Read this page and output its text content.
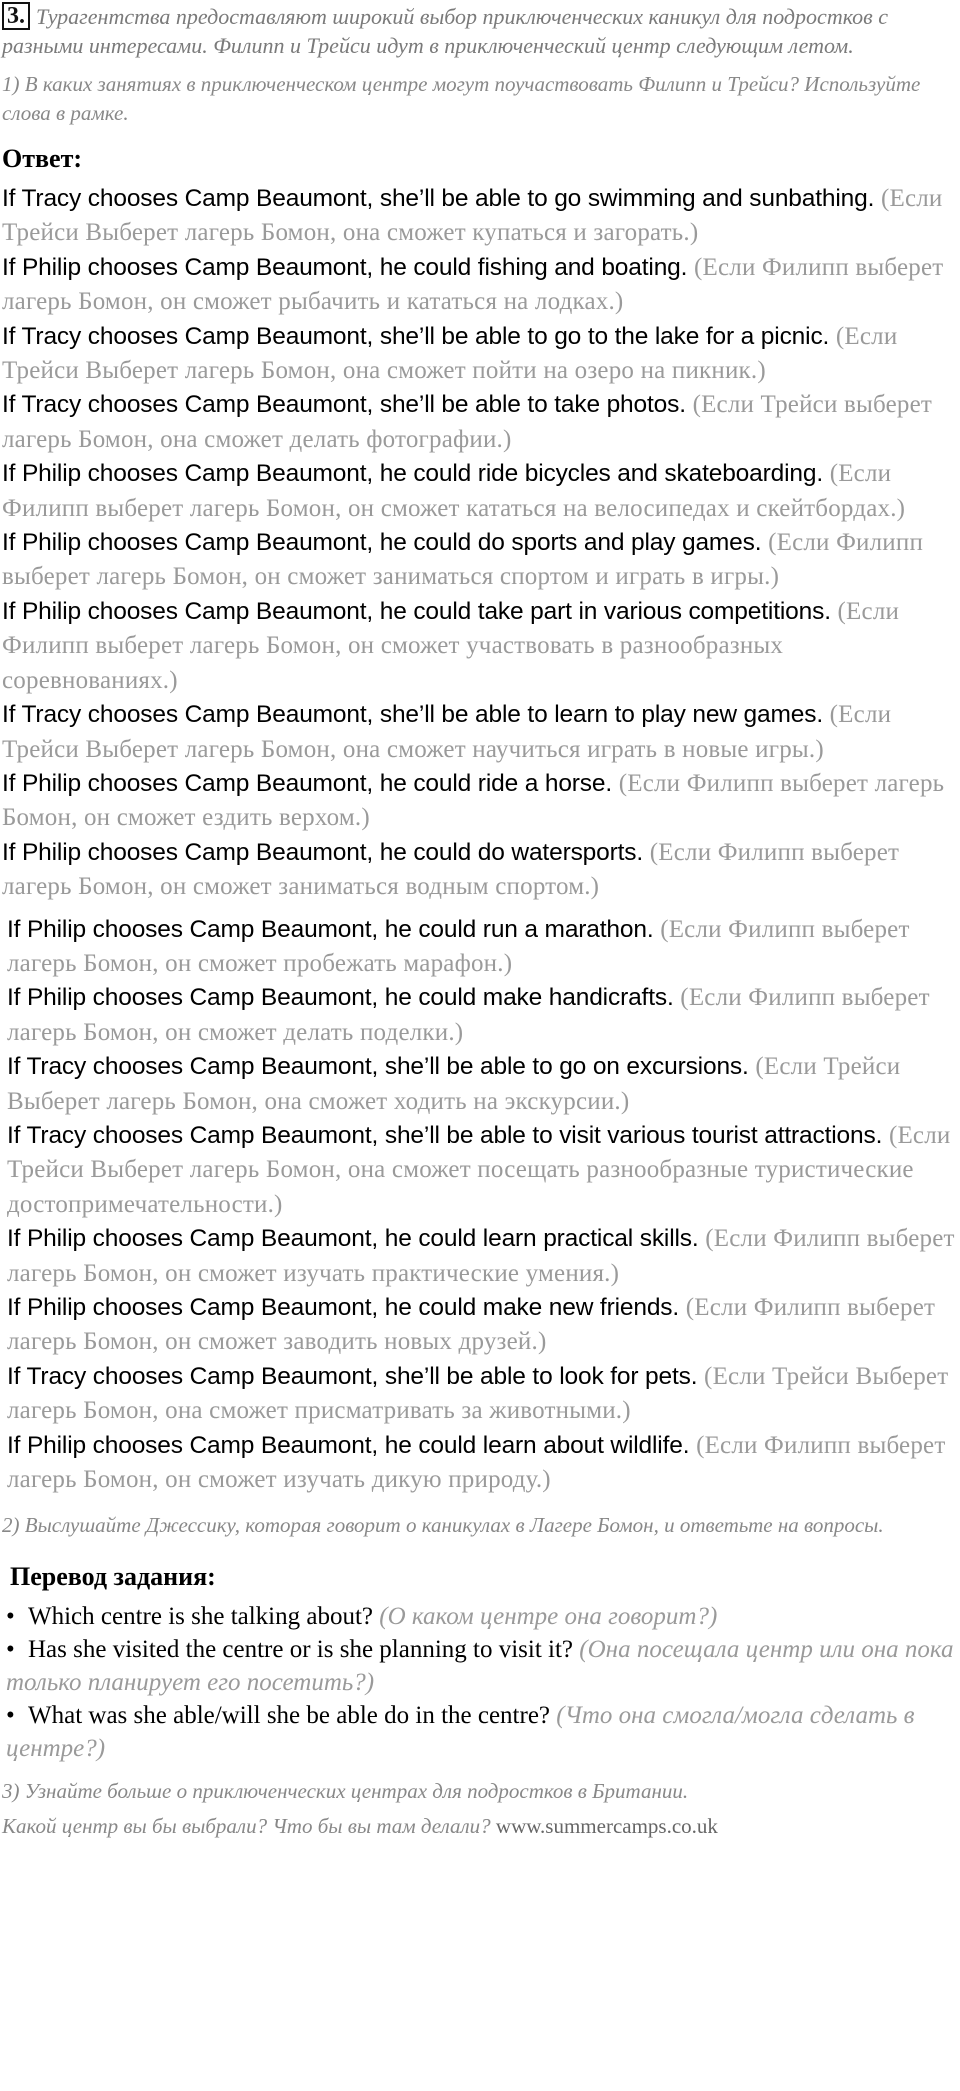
3. Турагентства предоставляют широкий выбор приключенческих каникул для подростков с разными интересами. Филипп и Трейси идут в приключенческий центр следующим летом.

1) В каких занятиях в приключенческом центре могут поучаствовать Филипп и Трейси? Используйте слова в рамке.

Ответ:

If Tracy chooses Camp Beaumont, she’ll be able to go swimming and sunbathing. (Если Трейси Выберет лагерь Бомон, она сможет купаться и загорать.)

If Philip chooses Camp Beaumont, he could fishing and boating. (Если Филипп выберет лагерь Бомон, он сможет рыбачить и кататься на лодках.)

If Tracy chooses Camp Beaumont, she’ll be able to go to the lake for a picnic. (Если Трейси Выберет лагерь Бомон, она сможет пойти на озеро на пикник.)

If Tracy chooses Camp Beaumont, she’ll be able to take photos. (Если Трейси выберет лагерь Бомон, она сможет делать фотографии.)

If Philip chooses Camp Beaumont, he could ride bicycles and skateboarding. (Если Филипп выберет лагерь Бомон, он сможет кататься на велосипедах и скейтбордах.)

If Philip chooses Camp Beaumont, he could do sports and play games. (Если Филипп выберет лагерь Бомон, он сможет заниматься спортом и играть в игры.)

If Philip chooses Camp Beaumont, he could take part in various competitions. (Если Филипп выберет лагерь Бомон, он сможет участвовать в разнообразных соревнованиях.)

If Tracy chooses Camp Beaumont, she’ll be able to learn to play new games. (Если Трейси Выберет лагерь Бомон, она сможет научиться играть в новые игры.)

If Philip chooses Camp Beaumont, he could ride a horse. (Если Филипп выберет лагерь Бомон, он сможет ездить верхом.)

If Philip chooses Camp Beaumont, he could do watersports. (Если Филипп выберет лагерь Бомон, он сможет заниматься водным спортом.)

If Philip chooses Camp Beaumont, he could run a marathon. (Если Филипп выберет лагерь Бомон, он сможет пробежать марафон.)

If Philip chooses Camp Beaumont, he could make handicrafts. (Если Филипп выберет лагерь Бомон, он сможет делать поделки.)

If Tracy chooses Camp Beaumont, she’ll be able to go on excursions. (Если Трейси Выберет лагерь Бомон, она сможет ходить на экскурсии.)

If Tracy chooses Camp Beaumont, she’ll be able to visit various tourist attractions. (Если Трейси Выберет лагерь Бомон, она сможет посещать разнообразные туристические достопримечательности.)

If Philip chooses Camp Beaumont, he could learn practical skills. (Если Филипп выберет лагерь Бомон, он сможет изучать практические умения.)

If Philip chooses Camp Beaumont, he could make new friends. (Если Филипп выберет лагерь Бомон, он сможет заводить новых друзей.)

If Tracy chooses Camp Beaumont, she’ll be able to look for pets. (Если Трейси Выберет лагерь Бомон, она сможет присматривать за животными.)

If Philip chooses Camp Beaumont, he could learn about wildlife. (Если Филипп выберет лагерь Бомон, он сможет изучать дикую природу.)

2) Выслушайте Джессику, которая говорит о каникулах в Лагере Бомон, и ответьте на вопросы.

Перевод задания:

• Which centre is she talking about? (О каком центре она говорит?)

• Has she visited the centre or is she planning to visit it? (Она посещала центр или она пока только планирует его посетить?)

• What was she able/will she be able do in the centre? (Что она смогла/могла сделать в центре?)

3) Узнайте больше о приключенческих центрах для подростков в Британии.

Какой центр вы бы выбрали? Что бы вы там делали? www.summercamps.co.uk
